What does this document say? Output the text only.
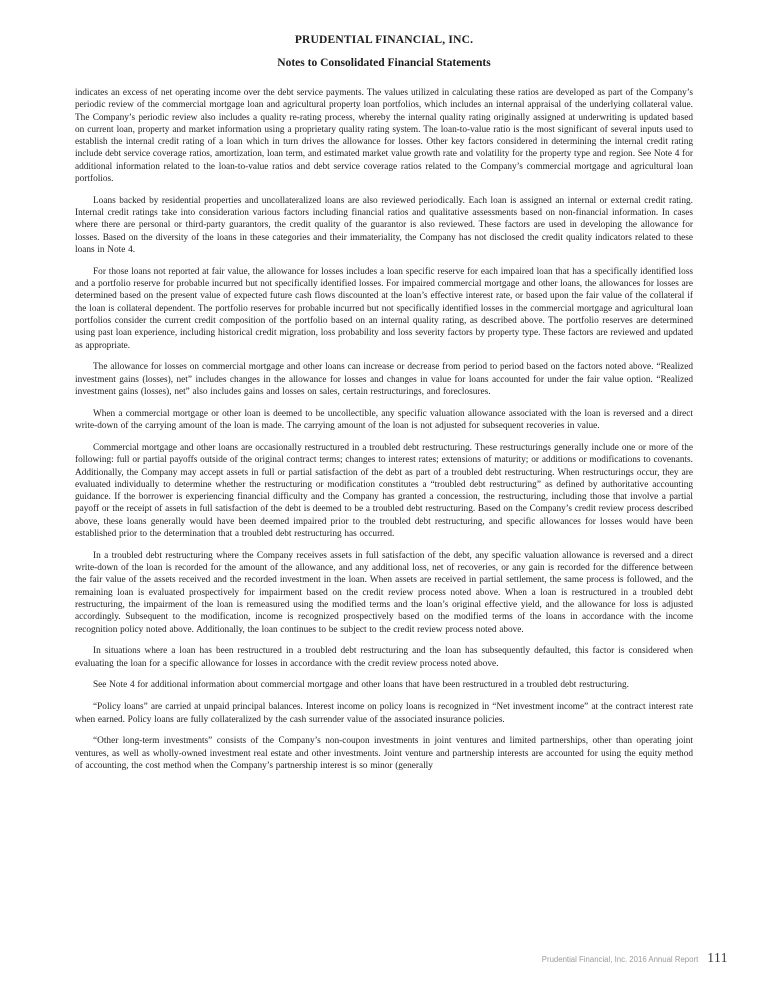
PRUDENTIAL FINANCIAL, INC.
Notes to Consolidated Financial Statements

indicates an excess of net operating income over the debt service payments. The values utilized in calculating these ratios are developed as part of the Company’s periodic review of the commercial mortgage loan and agricultural property loan portfolios, which includes an internal appraisal of the underlying collateral value. The Company’s periodic review also includes a quality re-rating process, whereby the internal quality rating originally assigned at underwriting is updated based on current loan, property and market information using a proprietary quality rating system. The loan-to-value ratio is the most significant of several inputs used to establish the internal credit rating of a loan which in turn drives the allowance for losses. Other key factors considered in determining the internal credit rating include debt service coverage ratios, amortization, loan term, and estimated market value growth rate and volatility for the property type and region. See Note 4 for additional information related to the loan-to-value ratios and debt service coverage ratios related to the Company’s commercial mortgage and agricultural loan portfolios.

Loans backed by residential properties and uncollateralized loans are also reviewed periodically. Each loan is assigned an internal or external credit rating. Internal credit ratings take into consideration various factors including financial ratios and qualitative assessments based on non-financial information. In cases where there are personal or third-party guarantors, the credit quality of the guarantor is also reviewed. These factors are used in developing the allowance for losses. Based on the diversity of the loans in these categories and their immateriality, the Company has not disclosed the credit quality indicators related to these loans in Note 4.

For those loans not reported at fair value, the allowance for losses includes a loan specific reserve for each impaired loan that has a specifically identified loss and a portfolio reserve for probable incurred but not specifically identified losses. For impaired commercial mortgage and other loans, the allowances for losses are determined based on the present value of expected future cash flows discounted at the loan’s effective interest rate, or based upon the fair value of the collateral if the loan is collateral dependent. The portfolio reserves for probable incurred but not specifically identified losses in the commercial mortgage and agricultural loan portfolios consider the current credit composition of the portfolio based on an internal quality rating, as described above. The portfolio reserves are determined using past loan experience, including historical credit migration, loss probability and loss severity factors by property type. These factors are reviewed and updated as appropriate.

The allowance for losses on commercial mortgage and other loans can increase or decrease from period to period based on the factors noted above. “Realized investment gains (losses), net” includes changes in the allowance for losses and changes in value for loans accounted for under the fair value option. “Realized investment gains (losses), net” also includes gains and losses on sales, certain restructurings, and foreclosures.

When a commercial mortgage or other loan is deemed to be uncollectible, any specific valuation allowance associated with the loan is reversed and a direct write-down of the carrying amount of the loan is made. The carrying amount of the loan is not adjusted for subsequent recoveries in value.

Commercial mortgage and other loans are occasionally restructured in a troubled debt restructuring. These restructurings generally include one or more of the following: full or partial payoffs outside of the original contract terms; changes to interest rates; extensions of maturity; or additions or modifications to covenants. Additionally, the Company may accept assets in full or partial satisfaction of the debt as part of a troubled debt restructuring. When restructurings occur, they are evaluated individually to determine whether the restructuring or modification constitutes a “troubled debt restructuring” as defined by authoritative accounting guidance. If the borrower is experiencing financial difficulty and the Company has granted a concession, the restructuring, including those that involve a partial payoff or the receipt of assets in full satisfaction of the debt is deemed to be a troubled debt restructuring. Based on the Company’s credit review process described above, these loans generally would have been deemed impaired prior to the troubled debt restructuring, and specific allowances for losses would have been established prior to the determination that a troubled debt restructuring has occurred.

In a troubled debt restructuring where the Company receives assets in full satisfaction of the debt, any specific valuation allowance is reversed and a direct write-down of the loan is recorded for the amount of the allowance, and any additional loss, net of recoveries, or any gain is recorded for the difference between the fair value of the assets received and the recorded investment in the loan. When assets are received in partial settlement, the same process is followed, and the remaining loan is evaluated prospectively for impairment based on the credit review process noted above. When a loan is restructured in a troubled debt restructuring, the impairment of the loan is remeasured using the modified terms and the loan’s original effective yield, and the allowance for loss is adjusted accordingly. Subsequent to the modification, income is recognized prospectively based on the modified terms of the loans in accordance with the income recognition policy noted above. Additionally, the loan continues to be subject to the credit review process noted above.

In situations where a loan has been restructured in a troubled debt restructuring and the loan has subsequently defaulted, this factor is considered when evaluating the loan for a specific allowance for losses in accordance with the credit review process noted above.

See Note 4 for additional information about commercial mortgage and other loans that have been restructured in a troubled debt restructuring.

“Policy loans” are carried at unpaid principal balances. Interest income on policy loans is recognized in “Net investment income” at the contract interest rate when earned. Policy loans are fully collateralized by the cash surrender value of the associated insurance policies.

“Other long-term investments” consists of the Company’s non-coupon investments in joint ventures and limited partnerships, other than operating joint ventures, as well as wholly-owned investment real estate and other investments. Joint venture and partnership interests are accounted for using the equity method of accounting, the cost method when the Company’s partnership interest is so minor (generally

Prudential Financial, Inc. 2016 Annual Report 111
